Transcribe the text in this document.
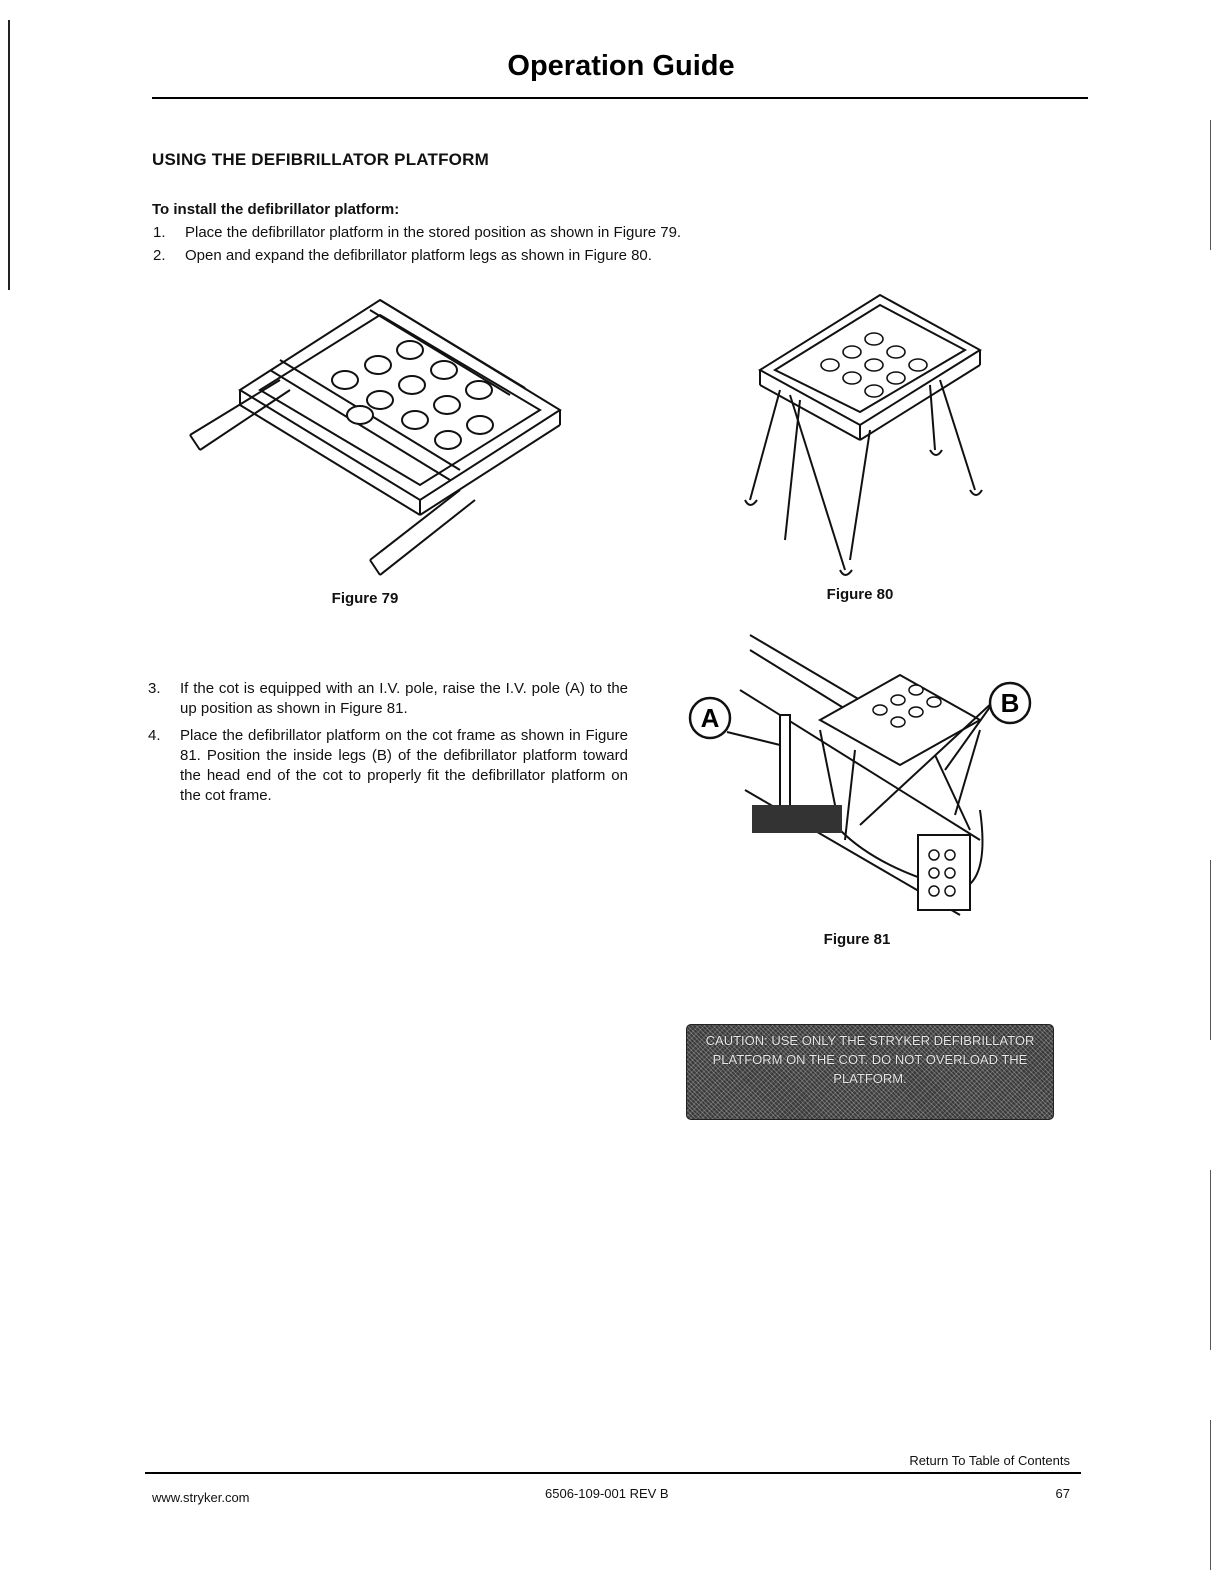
Operation Guide
USING THE DEFIBRILLATOR PLATFORM
To install the defibrillator platform:
1. Place the defibrillator platform in the stored position as shown in Figure 79.
2. Open and expand the defibrillator platform legs as shown in Figure 80.
Figure 79	Figure 80
3. If the cot is equipped with an I.V. pole, raise the I.V. pole (A) to the up position as shown in Figure 81.
4. Place the defibrillator platform on the cot frame as shown in Figure 81. Position the inside legs (B) of the defibrillator platform toward the head end of the cot to properly fit the defibrillator platform on the cot frame.
A	B
Figure 81
CAUTION: USE ONLY THE STRYKER DEFIBRILLATOR PLATFORM ON THE COT. DO NOT OVERLOAD THE PLATFORM.
Return To Table of Contents
www.stryker.com	6506-109-001 REV B	67
